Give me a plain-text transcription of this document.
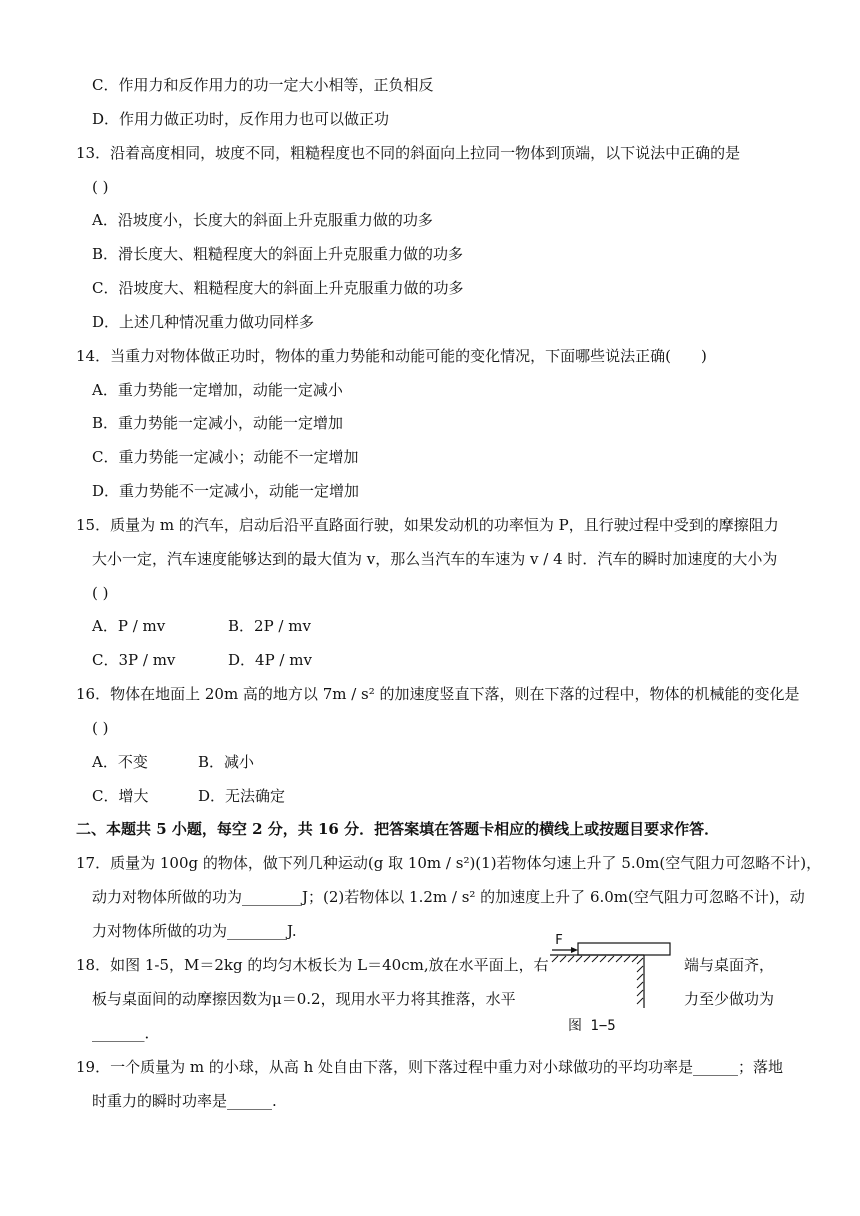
C．作用力和反作用力的功一定大小相等，正负相反
D．作用力做正功时，反作用力也可以做正功
13．沿着高度相同，坡度不同，粗糙程度也不同的斜面向上拉同一物体到顶端，以下说法中正确的是
( )
A．沿坡度小，长度大的斜面上升克服重力做的功多
B．滑长度大、粗糙程度大的斜面上升克服重力做的功多
C．沿坡度大、粗糙程度大的斜面上升克服重力做的功多
D．上述几种情况重力做功同样多
14．当重力对物体做正功时，物体的重力势能和动能可能的变化情况，下面哪些说法正确(　　)
A．重力势能一定增加，动能一定减小
B．重力势能一定减小，动能一定增加
C．重力势能一定减小；动能不一定增加
D．重力势能不一定减小，动能一定增加
15．质量为 m 的汽车，启动后沿平直路面行驶，如果发动机的功率恒为 P，且行驶过程中受到的摩擦阻力
大小一定，汽车速度能够达到的最大值为 v，那么当汽车的车速为 v / 4 时．汽车的瞬时加速度的大小为
( )
A．P / mv	B．2P / mv
C．3P / mv	D．4P / mv
16．物体在地面上 20m 高的地方以 7m / s² 的加速度竖直下落，则在下落的过程中，物体的机械能的变化是
( )
A．不变	B．减小
C．增大	D．无法确定
二、本题共 5 小题，每空 2 分，共 16 分．把答案填在答题卡相应的横线上或按题目要求作答．
17．质量为 100g 的物体，做下列几种运动(g 取 10m / s²)(1)若物体匀速上升了 5.0m(空气阻力可忽略不计)，
动力对物体所做的功为________J；(2)若物体以 1.2m / s² 的加速度上升了 6.0m(空气阻力可忽略不计)，动
力对物体所做的功为________J.
18．如图 1-5，M＝2kg 的均匀木板长为 L＝40cm,放在水平面上，右	端与桌面齐，
板与桌面间的动摩擦因数为μ＝0.2，现用水平力将其推落，水平	力至少做功为
_______．
F
图 1−5
19．一个质量为 m 的小球，从高 h 处自由下落，则下落过程中重力对小球做功的平均功率是______；落地
时重力的瞬时功率是______.
